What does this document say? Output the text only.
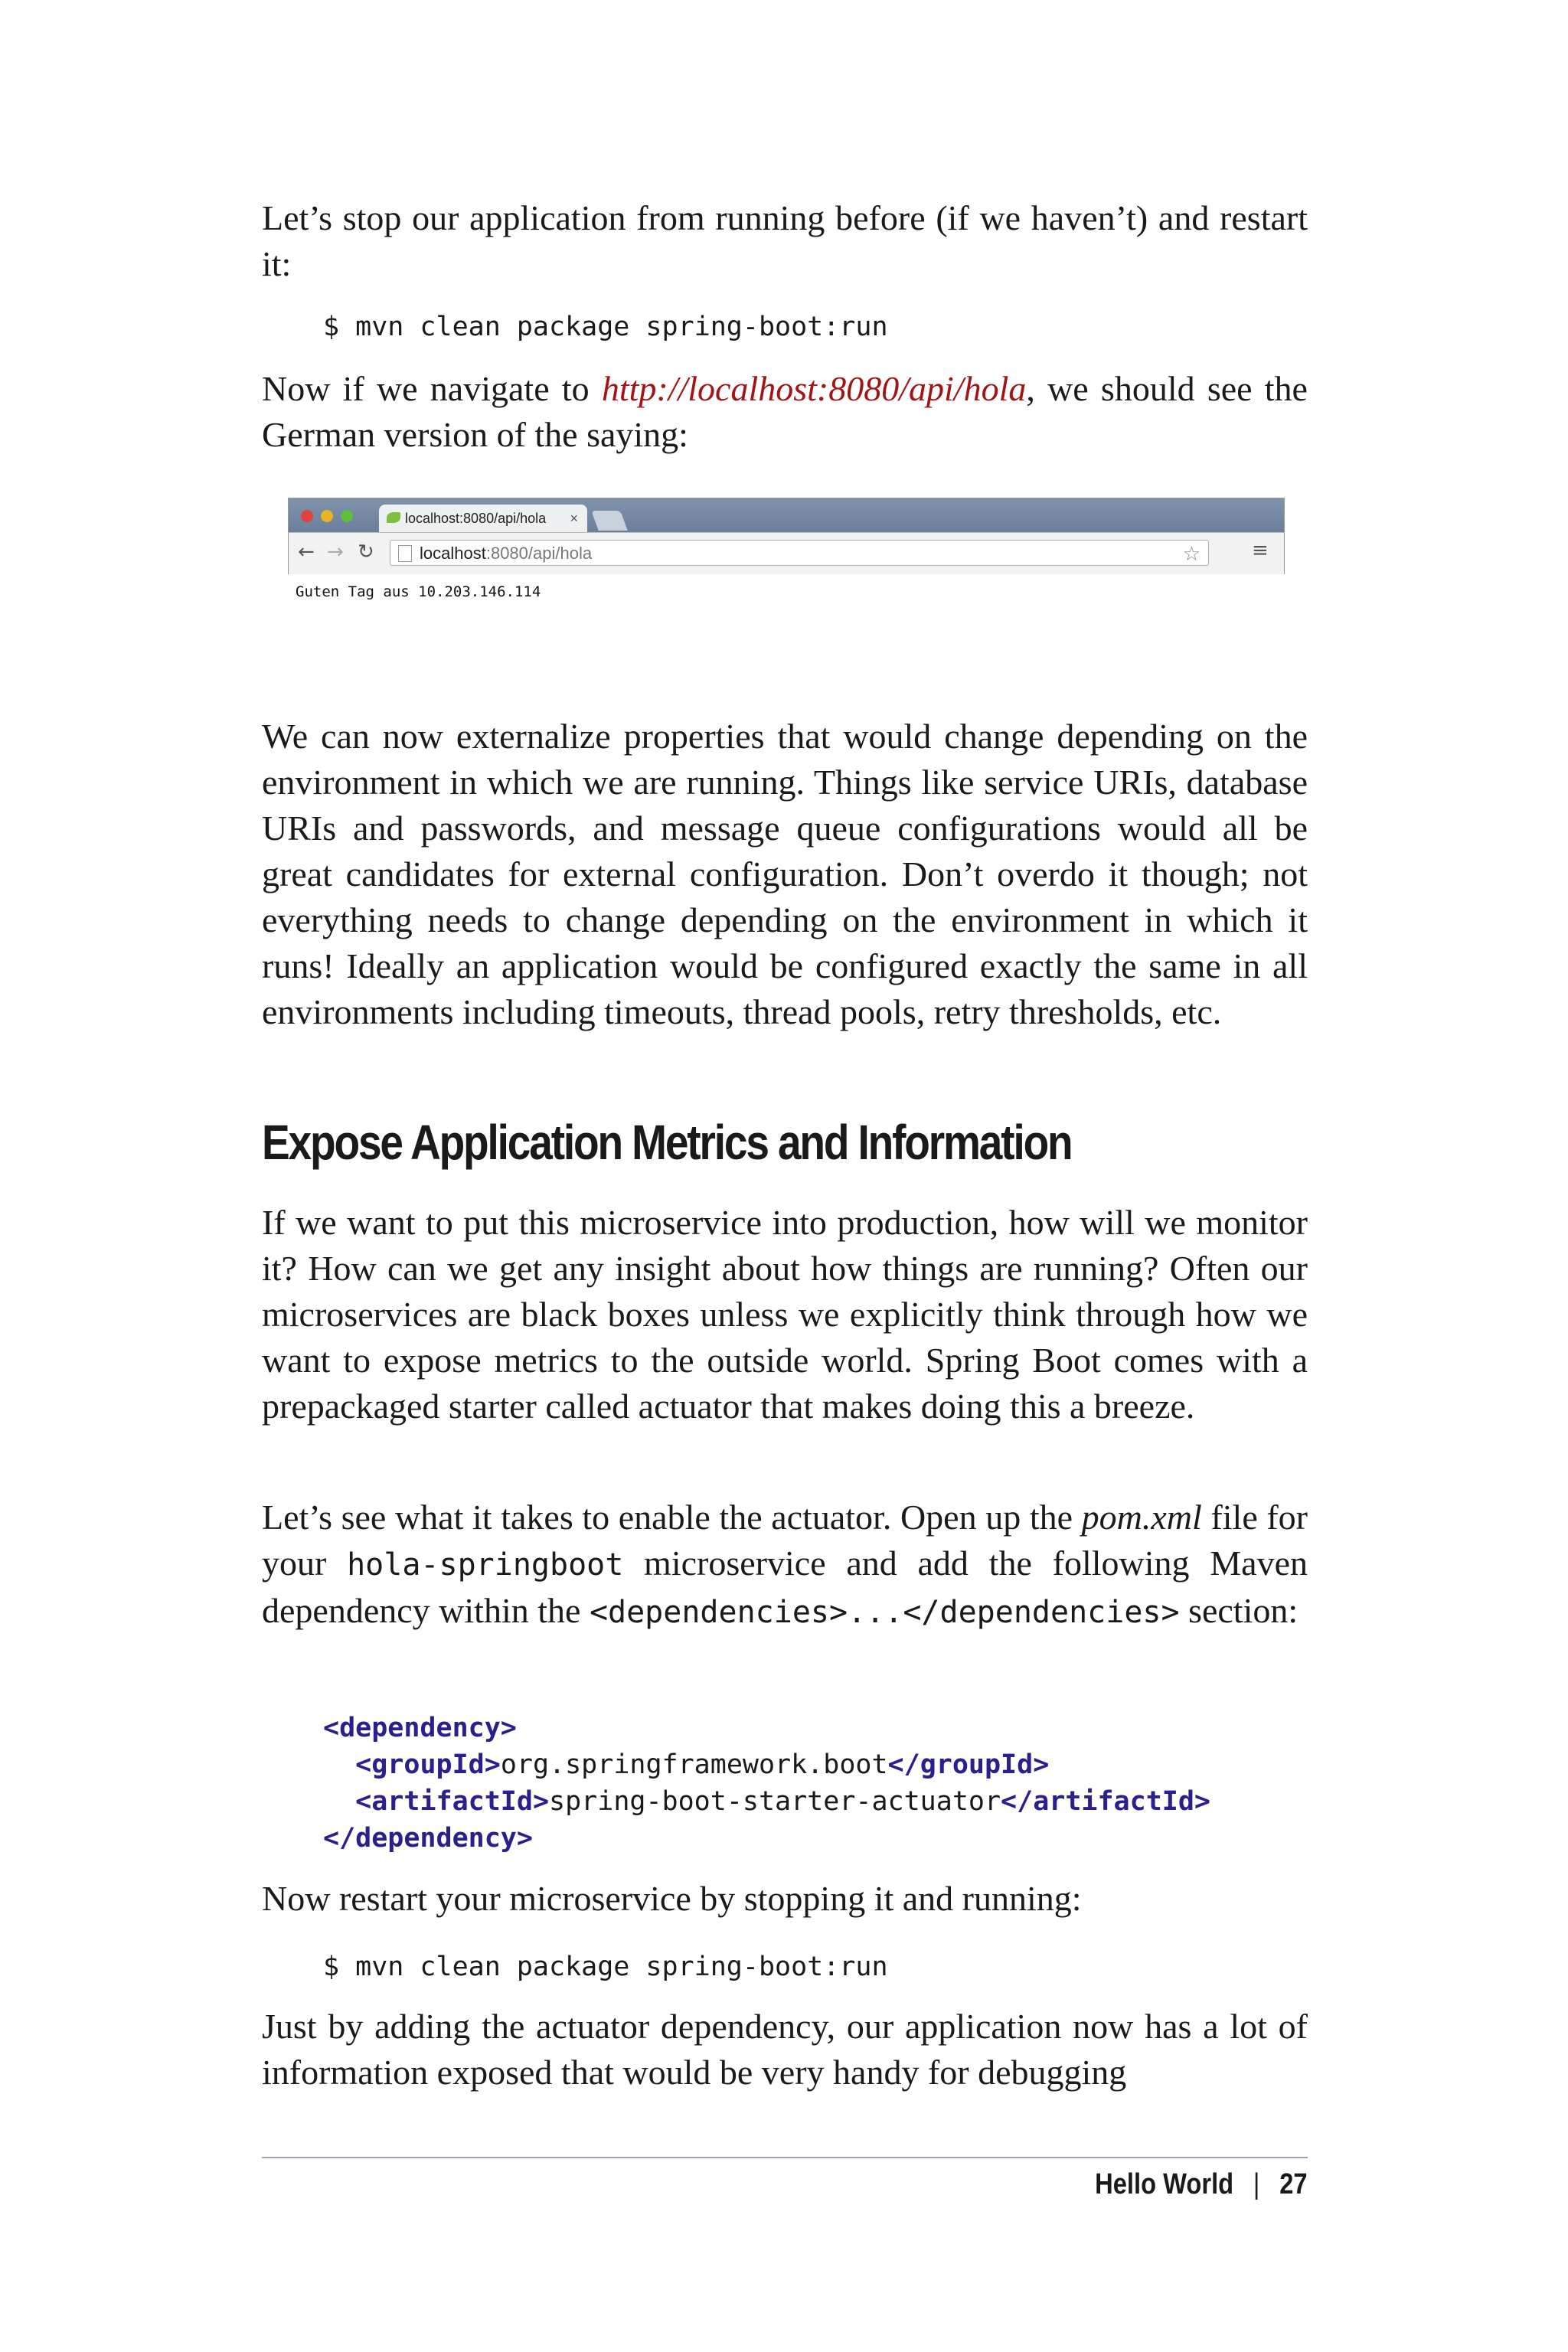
Let’s stop our application from running before (if we haven’t) and restart it:

$ mvn clean package spring-boot:run

Now if we navigate to http://localhost:8080/api/hola, we should see the German version of the saying:

localhost:8080/api/hola ×
← → ↻	localhost:8080/api/hola	☆	≡
Guten Tag aus 10.203.146.114

We can now externalize properties that would change depending on the environment in which we are running. Things like service URIs, database URIs and passwords, and message queue configurations would all be great candidates for external configuration. Don’t overdo it though; not everything needs to change depending on the environment in which it runs! Ideally an application would be configured exactly the same in all environments including timeouts, thread pools, retry thresholds, etc.

Expose Application Metrics and Information

If we want to put this microservice into production, how will we monitor it? How can we get any insight about how things are running? Often our microservices are black boxes unless we explicitly think through how we want to expose metrics to the outside world. Spring Boot comes with a prepackaged starter called actuator that makes doing this a breeze.

Let’s see what it takes to enable the actuator. Open up the pom.xml file for your hola-springboot microservice and add the following Maven dependency within the <dependencies>...</dependencies> section:

<dependency>
<groupId>org.springframework.boot</groupId>
<artifactId>spring-boot-starter-actuator</artifactId>
</dependency>

Now restart your microservice by stopping it and running:

$ mvn clean package spring-boot:run

Just by adding the actuator dependency, our application now has a lot of information exposed that would be very handy for debugging

Hello World | 27
